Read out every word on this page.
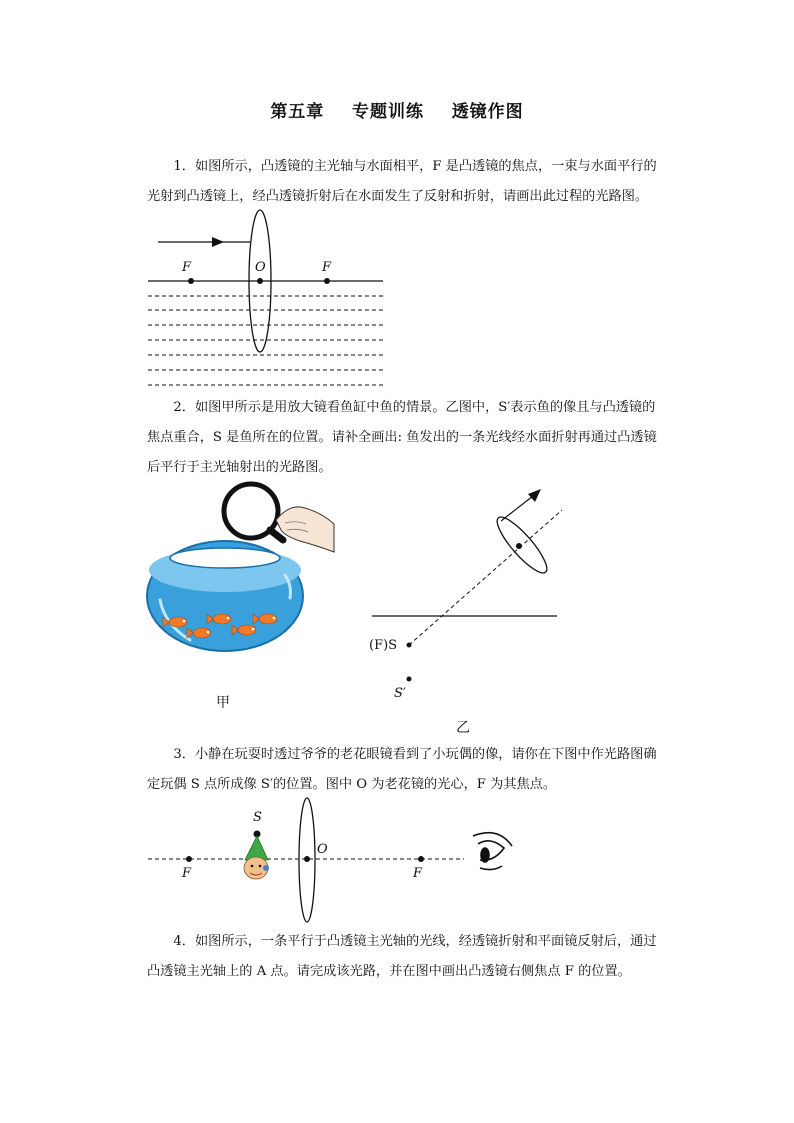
第五章 专题训练 透镜作图
1．如图所示，凸透镜的主光轴与水面相平，F 是凸透镜的焦点，一束与水面平行的光射到凸透镜上，经凸透镜折射后在水面发生了反射和折射，请画出此过程的光路图。
F	O	F
2．如图甲所示是用放大镜看鱼缸中鱼的情景。乙图中，S′表示鱼的像且与凸透镜的焦点重合，S 是鱼所在的位置。请补全画出: 鱼发出的一条光线经水面折射再通过凸透镜后平行于主光轴射出的光路图。
甲
(F)S
S′
乙
3．小静在玩耍时透过爷爷的老花眼镜看到了小玩偶的像，请你在下图中作光路图确定玩偶 S 点所成像 S′的位置。图中 O 为老花镜的光心，F 为其焦点。
S
O
F	F
4．如图所示，一条平行于凸透镜主光轴的光线，经透镜折射和平面镜反射后，通过凸透镜主光轴上的 A 点。请完成该光路，并在图中画出凸透镜右侧焦点 F 的位置。
